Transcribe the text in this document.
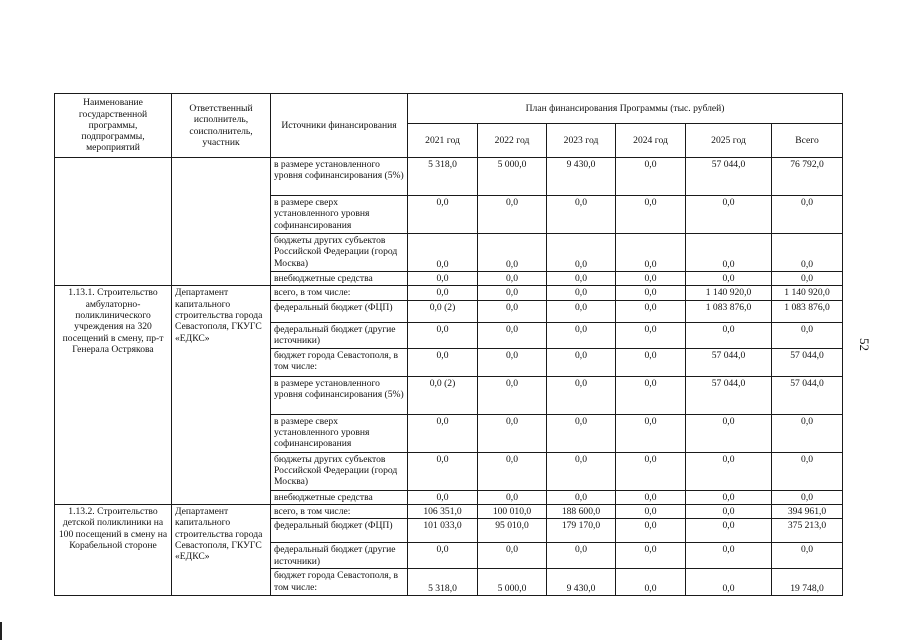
Наименование государственной программы, подпрограммы, мероприятий	Ответственный исполнитель, соисполнитель, участник	Источники финансирования	План финансирования Программы (тыс. рублей)					
			2021 год	2022 год	2023 год	2024 год	2025 год	Всего
		в размере установленного уровня софинансирования (5%)	5 318,0	5 000,0	9 430,0	0,0	57 044,0	76 792,0
		в размере сверх установленного уровня софинансирования	0,0	0,0	0,0	0,0	0,0	0,0
		бюджеты других субъектов Российской Федерации (город Москва)	0,0	0,0	0,0	0,0	0,0	0,0
		внебюджетные средства	0,0	0,0	0,0	0,0	0,0	0,0
1.13.1. Строительство амбулаторно-поликлинического учреждения на 320 посещений в смену, пр-т Генерала Острякова	Департамент капитального строительства города Севастополя, ГКУГС «ЕДКС»	всего, в том числе:	0,0	0,0	0,0	0,0	1 140 920,0	1 140 920,0
		федеральный бюджет (ФЦП)	0,0 (2)	0,0	0,0	0,0	1 083 876,0	1 083 876,0
		федеральный бюджет (другие источники)	0,0	0,0	0,0	0,0	0,0	0,0
		бюджет города Севастополя, в том числе:	0,0	0,0	0,0	0,0	57 044,0	57 044,0
		в размере установленного уровня софинансирования (5%)	0,0 (2)	0,0	0,0	0,0	57 044,0	57 044,0
		в размере сверх установленного уровня софинансирования	0,0	0,0	0,0	0,0	0,0	0,0
		бюджеты других субъектов Российской Федерации (город Москва)	0,0	0,0	0,0	0,0	0,0	0,0
		внебюджетные средства	0,0	0,0	0,0	0,0	0,0	0,0
1.13.2. Строительство детской поликлиники на 100 посещений в смену на Корабельной стороне	Департамент капитального строительства города Севастополя, ГКУГС «ЕДКС»	всего, в том числе:	106 351,0	100 010,0	188 600,0	0,0	0,0	394 961,0
		федеральный бюджет (ФЦП)	101 033,0	95 010,0	179 170,0	0,0	0,0	375 213,0
		федеральный бюджет (другие источники)	0,0	0,0	0,0	0,0	0,0	0,0
		бюджет города Севастополя, в том числе:	5 318,0	5 000,0	9 430,0	0,0	0,0	19 748,0
52
